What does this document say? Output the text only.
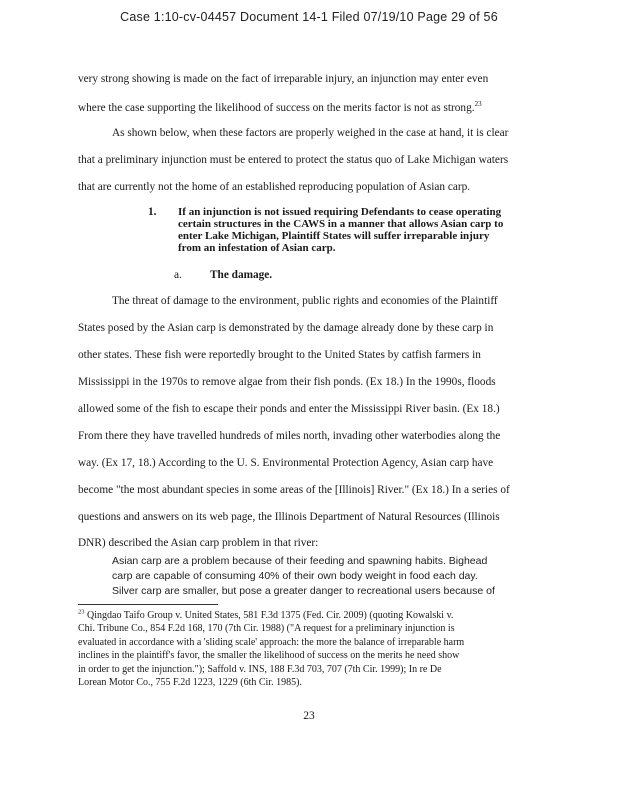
Case 1:10-cv-04457 Document 14-1 Filed 07/19/10 Page 29 of 56
very strong showing is made on the fact of irreparable injury, an injunction may enter even
where the case supporting the likelihood of success on the merits factor is not as strong.$^{23}$
As shown below, when these factors are properly weighed in the case at hand, it is clear
that a preliminary injunction must be entered to protect the status quo of Lake Michigan waters
that are currently not the home of an established reproducing population of Asian carp.
1. If an injunction is not issued requiring Defendants to cease operating
certain structures in the CAWS in a manner that allows Asian carp to
enter Lake Michigan, Plaintiff States will suffer irreparable injury
from an infestation of Asian carp.
a. The damage.
The threat of damage to the environment, public rights and economies of the Plaintiff
States posed by the Asian carp is demonstrated by the damage already done by these carp in
other states. These fish were reportedly brought to the United States by catfish farmers in
Mississippi in the 1970s to remove algae from their fish ponds. (Ex 18.) In the 1990s, floods
allowed some of the fish to escape their ponds and enter the Mississippi River basin. (Ex 18.)
From there they have travelled hundreds of miles north, invading other waterbodies along the
way. (Ex 17, 18.) According to the U. S. Environmental Protection Agency, Asian carp have
become "the most abundant species in some areas of the [Illinois] River." (Ex 18.) In a series of
questions and answers on its web page, the Illinois Department of Natural Resources (Illinois
DNR) described the Asian carp problem in that river:
Asian carp are a problem because of their feeding and spawning habits. Bighead
carp are capable of consuming 40% of their own body weight in food each day.
Silver carp are smaller, but pose a greater danger to recreational users because of
$^{23}$ Qingdao Taifo Group v. United States, 581 F.3d 1375 (Fed. Cir. 2009) (quoting Kowalski v.
Chi. Tribune Co., 854 F.2d 168, 170 (7th Cir. 1988) ("A request for a preliminary injunction is
evaluated in accordance with a 'sliding scale' approach: the more the balance of irreparable harm
inclines in the plaintiff's favor, the smaller the likelihood of success on the merits he need show
in order to get the injunction."); Saffold v. INS, 188 F.3d 703, 707 (7th Cir. 1999); In re De
Lorean Motor Co., 755 F.2d 1223, 1229 (6th Cir. 1985).
23
